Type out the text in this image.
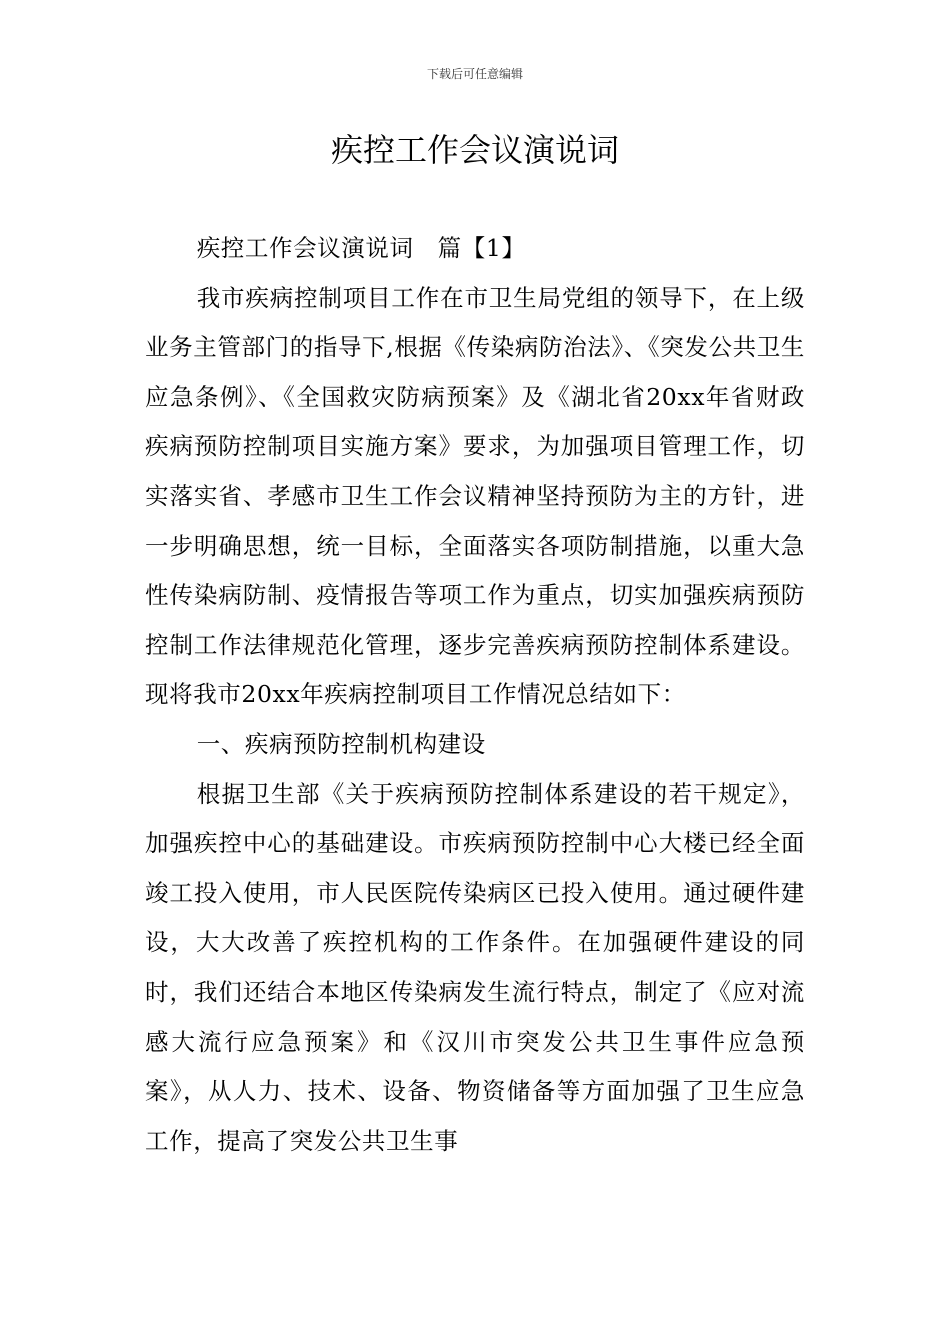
下载后可任意编辑
疾控工作会议演说词

疾控工作会议演说词　篇【1】

我市疾病控制项目工作在市卫生局党组的领导下，在上级业务主管部门的指导下,根据《传染病防治法》、《突发公共卫生应急条例》、《全国救灾防病预案》及《湖北省20xx年省财政疾病预防控制项目实施方案》要求，为加强项目管理工作，切实落实省、孝感市卫生工作会议精神坚持预防为主的方针，进一步明确思想，统一目标，全面落实各项防制措施，以重大急性传染病防制、疫情报告等项工作为重点，切实加强疾病预防控制工作法律规范化管理，逐步完善疾病预防控制体系建设。现将我市20xx年疾病控制项目工作情况总结如下：

一、疾病预防控制机构建设

根据卫生部《关于疾病预防控制体系建设的若干规定》，加强疾控中心的基础建设。市疾病预防控制中心大楼已经全面竣工投入使用，市人民医院传染病区已投入使用。通过硬件建设，大大改善了疾控机构的工作条件。在加强硬件建设的同时，我们还结合本地区传染病发生流行特点，制定了《应对流感大流行应急预案》和《汉川市突发公共卫生事件应急预案》，从人力、技术、设备、物资储备等方面加强了卫生应急工作，提高了突发公共卫生事
